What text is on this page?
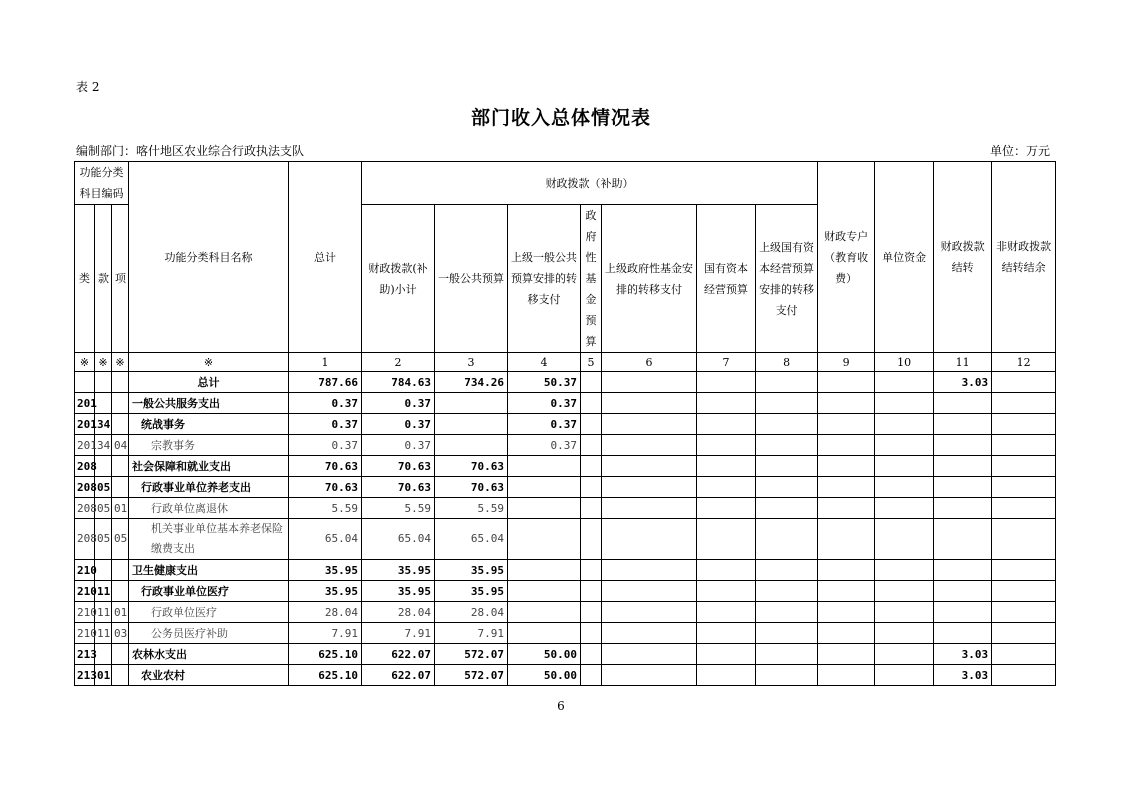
表 2
部门收入总体情况表
编制部门：喀什地区农业综合行政执法支队	单位：万元
功能分类科目编码			功能分类科目名称	总计	财政拨款（补助）							财政专户（教育收费）	单位资金	财政拨款结转	非财政拨款结转结余
类	款	项			财政拨款(补助)小计	一般公共预算	上级一般公共预算安排的转移支付	政府性基金预算	上级政府性基金安排的转移支付	国有资本经营预算	上级国有资本经营预算安排的转移支付				
※	※	※	※	1	2	3	4	5	6	7	8	9	10	11	12
			总计	787.66	784.63	734.26	50.37							3.03	
201			一般公共服务支出	0.37	0.37		0.37								
201	34		统战事务	0.37	0.37		0.37								
201	34	04	宗教事务	0.37	0.37		0.37								
208			社会保障和就业支出	70.63	70.63	70.63									
208	05		行政事业单位养老支出	70.63	70.63	70.63									
208	05	01	行政单位离退休	5.59	5.59	5.59									
208	05	05	机关事业单位基本养老保险缴费支出	65.04	65.04	65.04									
210			卫生健康支出	35.95	35.95	35.95									
210	11		行政事业单位医疗	35.95	35.95	35.95									
210	11	01	行政单位医疗	28.04	28.04	28.04									
210	11	03	公务员医疗补助	7.91	7.91	7.91									
213			农林水支出	625.10	622.07	572.07	50.00							3.03	
213	01		农业农村	625.10	622.07	572.07	50.00							3.03	
6
